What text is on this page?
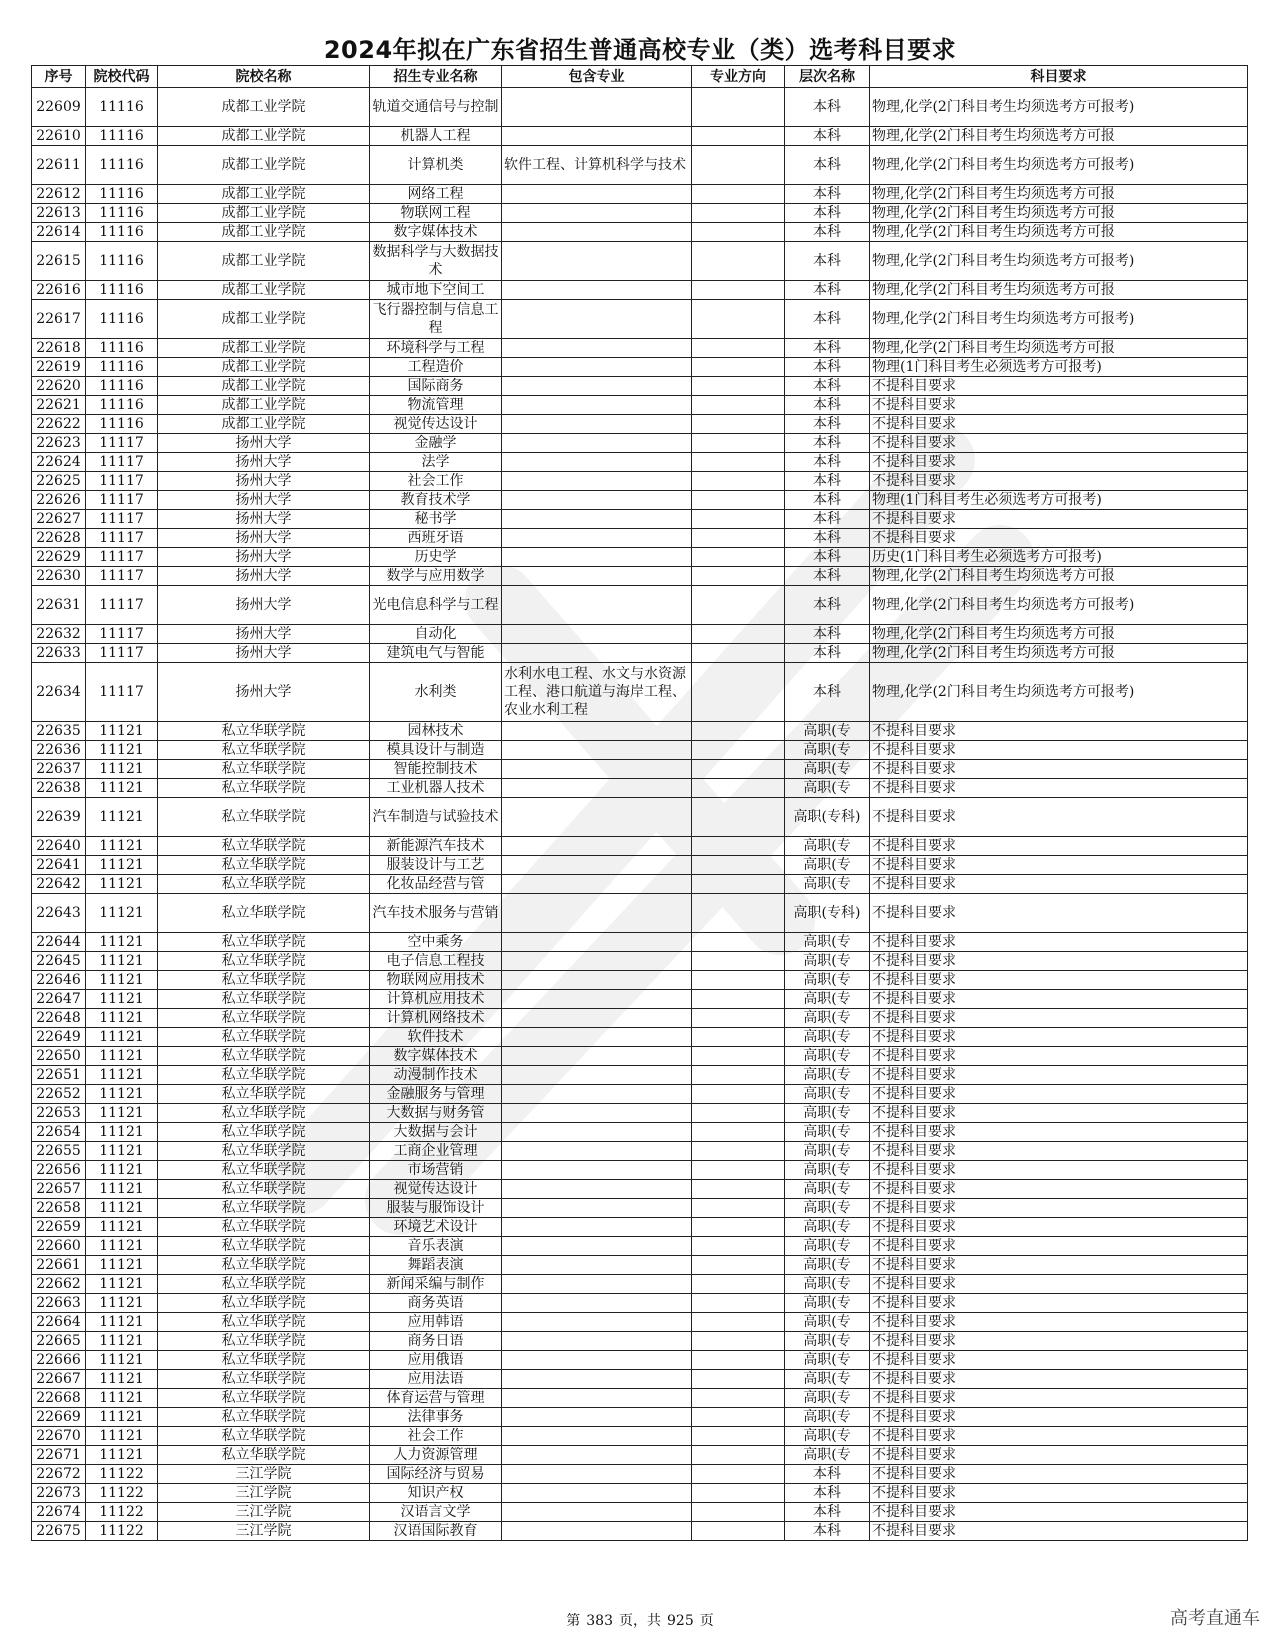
2024年拟在广东省招生普通高校专业（类）选考科目要求
序号	院校代码	院校名称	招生专业名称	包含专业	专业方向	层次名称	科目要求
22609	11116	成都工业学院	轨道交通信号与控制			本科	物理,化学(2门科目考生均须选考方可报考)
22610	11116	成都工业学院	机器人工程			本科	物理,化学(2门科目考生均须选考方可报
22611	11116	成都工业学院	计算机类	软件工程、计算机科学与技术		本科	物理,化学(2门科目考生均须选考方可报考)
22612	11116	成都工业学院	网络工程			本科	物理,化学(2门科目考生均须选考方可报
22613	11116	成都工业学院	物联网工程			本科	物理,化学(2门科目考生均须选考方可报
22614	11116	成都工业学院	数字媒体技术			本科	物理,化学(2门科目考生均须选考方可报
22615	11116	成都工业学院	数据科学与大数据技术			本科	物理,化学(2门科目考生均须选考方可报考)
22616	11116	成都工业学院	城市地下空间工			本科	物理,化学(2门科目考生均须选考方可报
22617	11116	成都工业学院	飞行器控制与信息工程			本科	物理,化学(2门科目考生均须选考方可报考)
22618	11116	成都工业学院	环境科学与工程			本科	物理,化学(2门科目考生均须选考方可报
22619	11116	成都工业学院	工程造价			本科	物理(1门科目考生必须选考方可报考)
22620	11116	成都工业学院	国际商务			本科	不提科目要求
22621	11116	成都工业学院	物流管理			本科	不提科目要求
22622	11116	成都工业学院	视觉传达设计			本科	不提科目要求
22623	11117	扬州大学	金融学			本科	不提科目要求
22624	11117	扬州大学	法学			本科	不提科目要求
22625	11117	扬州大学	社会工作			本科	不提科目要求
22626	11117	扬州大学	教育技术学			本科	物理(1门科目考生必须选考方可报考)
22627	11117	扬州大学	秘书学			本科	不提科目要求
22628	11117	扬州大学	西班牙语			本科	不提科目要求
22629	11117	扬州大学	历史学			本科	历史(1门科目考生必须选考方可报考)
22630	11117	扬州大学	数学与应用数学			本科	物理,化学(2门科目考生均须选考方可报
22631	11117	扬州大学	光电信息科学与工程			本科	物理,化学(2门科目考生均须选考方可报考)
22632	11117	扬州大学	自动化			本科	物理,化学(2门科目考生均须选考方可报
22633	11117	扬州大学	建筑电气与智能			本科	物理,化学(2门科目考生均须选考方可报
22634	11117	扬州大学	水利类	水利水电工程、水文与水资源工程、港口航道与海岸工程、农业水利工程		本科	物理,化学(2门科目考生均须选考方可报考)
22635	11121	私立华联学院	园林技术			高职(专	不提科目要求
22636	11121	私立华联学院	模具设计与制造			高职(专	不提科目要求
22637	11121	私立华联学院	智能控制技术			高职(专	不提科目要求
22638	11121	私立华联学院	工业机器人技术			高职(专	不提科目要求
22639	11121	私立华联学院	汽车制造与试验技术			高职(专科)	不提科目要求
22640	11121	私立华联学院	新能源汽车技术			高职(专	不提科目要求
22641	11121	私立华联学院	服装设计与工艺			高职(专	不提科目要求
22642	11121	私立华联学院	化妆品经营与管			高职(专	不提科目要求
22643	11121	私立华联学院	汽车技术服务与营销			高职(专科)	不提科目要求
22644	11121	私立华联学院	空中乘务			高职(专	不提科目要求
22645	11121	私立华联学院	电子信息工程技			高职(专	不提科目要求
22646	11121	私立华联学院	物联网应用技术			高职(专	不提科目要求
22647	11121	私立华联学院	计算机应用技术			高职(专	不提科目要求
22648	11121	私立华联学院	计算机网络技术			高职(专	不提科目要求
22649	11121	私立华联学院	软件技术			高职(专	不提科目要求
22650	11121	私立华联学院	数字媒体技术			高职(专	不提科目要求
22651	11121	私立华联学院	动漫制作技术			高职(专	不提科目要求
22652	11121	私立华联学院	金融服务与管理			高职(专	不提科目要求
22653	11121	私立华联学院	大数据与财务管			高职(专	不提科目要求
22654	11121	私立华联学院	大数据与会计			高职(专	不提科目要求
22655	11121	私立华联学院	工商企业管理			高职(专	不提科目要求
22656	11121	私立华联学院	市场营销			高职(专	不提科目要求
22657	11121	私立华联学院	视觉传达设计			高职(专	不提科目要求
22658	11121	私立华联学院	服装与服饰设计			高职(专	不提科目要求
22659	11121	私立华联学院	环境艺术设计			高职(专	不提科目要求
22660	11121	私立华联学院	音乐表演			高职(专	不提科目要求
22661	11121	私立华联学院	舞蹈表演			高职(专	不提科目要求
22662	11121	私立华联学院	新闻采编与制作			高职(专	不提科目要求
22663	11121	私立华联学院	商务英语			高职(专	不提科目要求
22664	11121	私立华联学院	应用韩语			高职(专	不提科目要求
22665	11121	私立华联学院	商务日语			高职(专	不提科目要求
22666	11121	私立华联学院	应用俄语			高职(专	不提科目要求
22667	11121	私立华联学院	应用法语			高职(专	不提科目要求
22668	11121	私立华联学院	体育运营与管理			高职(专	不提科目要求
22669	11121	私立华联学院	法律事务			高职(专	不提科目要求
22670	11121	私立华联学院	社会工作			高职(专	不提科目要求
22671	11121	私立华联学院	人力资源管理			高职(专	不提科目要求
22672	11122	三江学院	国际经济与贸易			本科	不提科目要求
22673	11122	三江学院	知识产权			本科	不提科目要求
22674	11122	三江学院	汉语言文学			本科	不提科目要求
22675	11122	三江学院	汉语国际教育			本科	不提科目要求
第 383 页，共 925 页	高考直通车
